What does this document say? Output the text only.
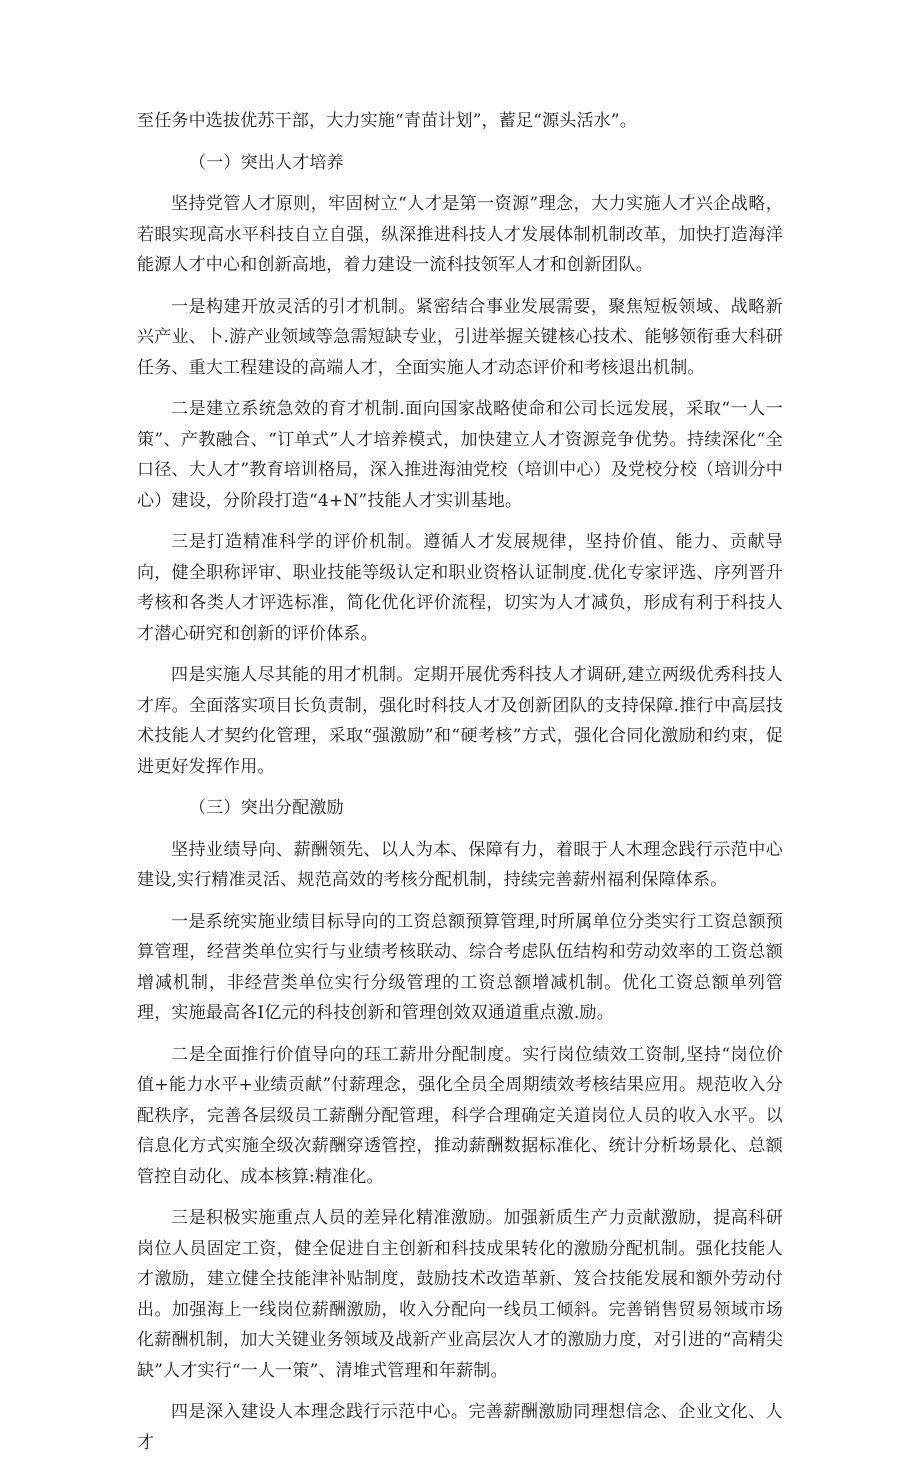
至任务中选拔优苏干部，大力实施“青苗计划”，蓄足“源头活水”。

（一）突出人才培养

坚持党管人才原则，牢固树立“人才是第一资源”理念，大力实施人才兴企战略，若眼实现高水平科技自立自强，纵深推进科技人才发展体制机制改革，加快打造海洋能源人才中心和创新高地，着力建设一流科技领军人才和创新团队。

一是构建开放灵活的引才机制。紧密结合事业发展需要，聚焦短板领域、战略新兴产业、卜.游产业领域等急需短缺专业，引进举握关键核心技术、能够领衔垂大科研任务、重大工程建设的高端人才，全面实施人才动态评价和考核退出机制。

二是建立系统急效的育才机制.面向国家战略使命和公司长远发展，采取“一人一策”、产教融合、“订单式”人才培养模式，加快建立人才资源竞争优势。持续深化“全口径、大人才”教育培训格局，深入推进海油党校（培训中心）及党校分校（培训分中心）建设，分阶段打造“4+N”技能人才实训基地。

三是打造精准科学的评价机制。遵循人才发展规律，坚持价值、能力、贡献导向，健全职称评审、职业技能等级认定和职业资格认证制度.优化专家评选、序列晋升考核和各类人才评选标准，简化优化评价流程，切实为人才减负，形成有利于科技人才潜心研究和创新的评价体系。

四是实施人尽其能的用才机制。定期开展优秀科技人才调研,建立两级优秀科技人才库。全面落实项目长负责制，强化时科技人才及创新团队的支持保障.推行中高层技术技能人才契约化管理，采取“强激励”和“硬考核”方式，强化合同化激励和约束，促进更好发挥作用。

（三）突出分配激励

坚持业绩导向、薪酬领先、以人为本、保障有力，着眼于人木理念践行示范中心建设,实行精准灵活、规范高效的考核分配机制，持续完善薪州福利保障体系。

一是系统实施业绩目标导向的工资总额预算管理,时所属单位分类实行工资总额预算管理，经营类单位实行与业绩考核联动、综合考虑队伍结构和劳动效率的工资总额增减机制，非经营类单位实行分级管理的工资总额增减机制。优化工资总额单列管理，实施最高各I亿元的科技创新和管理创效双通道重点激.励。

二是全面推行价值导向的珏工薪卅分配制度。实行岗位绩效工资制,坚持“岗位价值+能力水平+业绩贡献”付薪理念，强化全员全周期绩效考核结果应用。规范收入分配秩序，完善各层级员工薪酬分配管理，科学合理确定关道岗位人员的收入水平。以信息化方式实施全级次薪酬穿透管控，推动薪酬数据标准化、统计分析场景化、总额管控自动化、成本核算:精准化。

三是积极实施重点人员的差异化精准激励。加强新质生产力贡献激励，提高科研岗位人员固定工资，健全促进自主创新和科技成果转化的激励分配机制。强化技能人才激励，建立健全技能津补贴制度，鼓励技术改造革新、笈合技能发展和额外劳动付出。加强海上一线岗位薪酬激励，收入分配向一线员工倾斜。完善销售贸易领域市场化薪酬机制，加大关键业务领域及战新产业高层次人才的激励力度，对引进的“高精尖缺”人才实行“一人一策”、清堆式管理和年薪制。

四是深入建设人本理念践行示范中心。完善薪酬激励同理想信念、企业文化、人才
